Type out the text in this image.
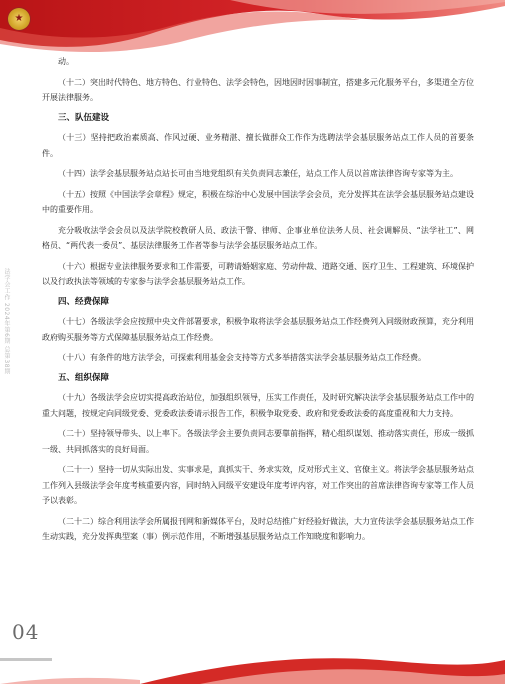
★
法学会工作 2024年第6期 总第38期

动。

（十二）突出时代特色、地方特色、行业特色、法学会特色，因地因时因事制宜，搭建多元化服务平台，多渠道全方位开展法律服务。

三、队伍建设

（十三）坚持把政治素质高、作风过硬、业务精湛、擅长做群众工作作为选聘法学会基层服务站点工作人员的首要条件。

（十四）法学会基层服务站点站长可由当地党组织有关负责同志兼任，站点工作人员以首席法律咨询专家等为主。

（十五）按照《中国法学会章程》规定，积极在综治中心发展中国法学会会员，充分发挥其在法学会基层服务站点建设中的重要作用。

充分吸收法学会会员以及法学院校教研人员、政法干警、律师、企事业单位法务人员、社会调解员、“法学社工”、网格员、“两代表一委员”、基层法律服务工作者等参与法学会基层服务站点工作。

（十六）根据专业法律服务要求和工作需要，可聘请婚姻家庭、劳动仲裁、道路交通、医疗卫生、工程建筑、环境保护以及行政执法等领域的专家参与法学会基层服务站点工作。

四、经费保障

（十七）各级法学会应按照中央文件部署要求，积极争取将法学会基层服务站点工作经费列入同级财政预算，充分利用政府购买服务等方式保障基层服务站点工作经费。

（十八）有条件的地方法学会，可探索利用基金会支持等方式多举措落实法学会基层服务站点工作经费。

五、组织保障

（十九）各级法学会应切实提高政治站位，加强组织领导，压实工作责任，及时研究解决法学会基层服务站点工作中的重大问题，按规定向同级党委、党委政法委请示报告工作，积极争取党委、政府和党委政法委的高度重视和大力支持。

（二十）坚持领导带头、以上率下。各级法学会主要负责同志要靠前指挥，精心组织谋划、推动落实责任，形成一级抓一级、共同抓落实的良好局面。

（二十一）坚持一切从实际出发、实事求是，真抓实干、务求实效，反对形式主义、官僚主义。将法学会基层服务站点工作列入县级法学会年度考核重要内容，同时纳入同级平安建设年度考评内容，对工作突出的首席法律咨询专家等工作人员予以表彰。

（二十二）综合利用法学会所属报刊网和新媒体平台，及时总结推广好经验好做法，大力宣传法学会基层服务站点工作生动实践，充分发挥典型案（事）例示范作用，不断增强基层服务站点工作知晓度和影响力。

04
